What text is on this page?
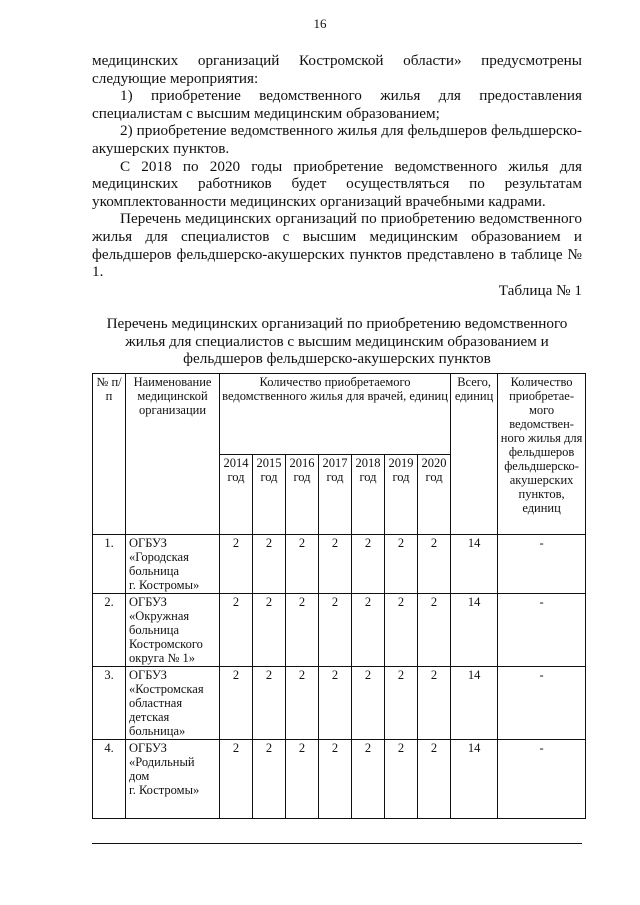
16

медицинских организаций Костромской области» предусмотрены следующие мероприятия:

1) приобретение ведомственного жилья для предоставления специалистам с высшим медицинским образованием;

2) приобретение ведомственного жилья для фельдшеров фельдшерско-акушерских пунктов.

С 2018 по 2020 годы приобретение ведомственного жилья для медицинских работников будет осуществляться по результатам укомплектованности медицинских организаций врачебными кадрами.

Перечень медицинских организаций по приобретению ведомственного жилья для специалистов с высшим медицинским образованием и фельдшеров фельдшерско-акушерских пунктов представлено в таблице № 1.

Таблица № 1
Перечень медицинских организаций по приобретению ведомственного жилья для специалистов с высшим медицинским образованием и фельдшеров фельдшерско-акушерских пунктов
№ п/п	Наименование медицинской организации	Количество приобретаемого ведомственного жилья для врачей, единиц							Всего, единиц	Количество приобретае-мого ведомствен-ного жилья для фельдшеров фельдшерско-акушерских пунктов, единиц
		2014 год	2015 год	2016 год	2017 год	2018 год	2019 год	2020 год		
1.	ОГБУЗ
«Городская
больница
г. Костромы»	2	2	2	2	2	2	2	14	-
2.	ОГБУЗ
«Окружная
больница
Костромского
округа № 1»	2	2	2	2	2	2	2	14	-
3.	ОГБУЗ
«Костромская
областная
детская
больница»	2	2	2	2	2	2	2	14	-
4.	ОГБУЗ
«Родильный
дом
г. Костромы»	2	2	2	2	2	2	2	14	-
